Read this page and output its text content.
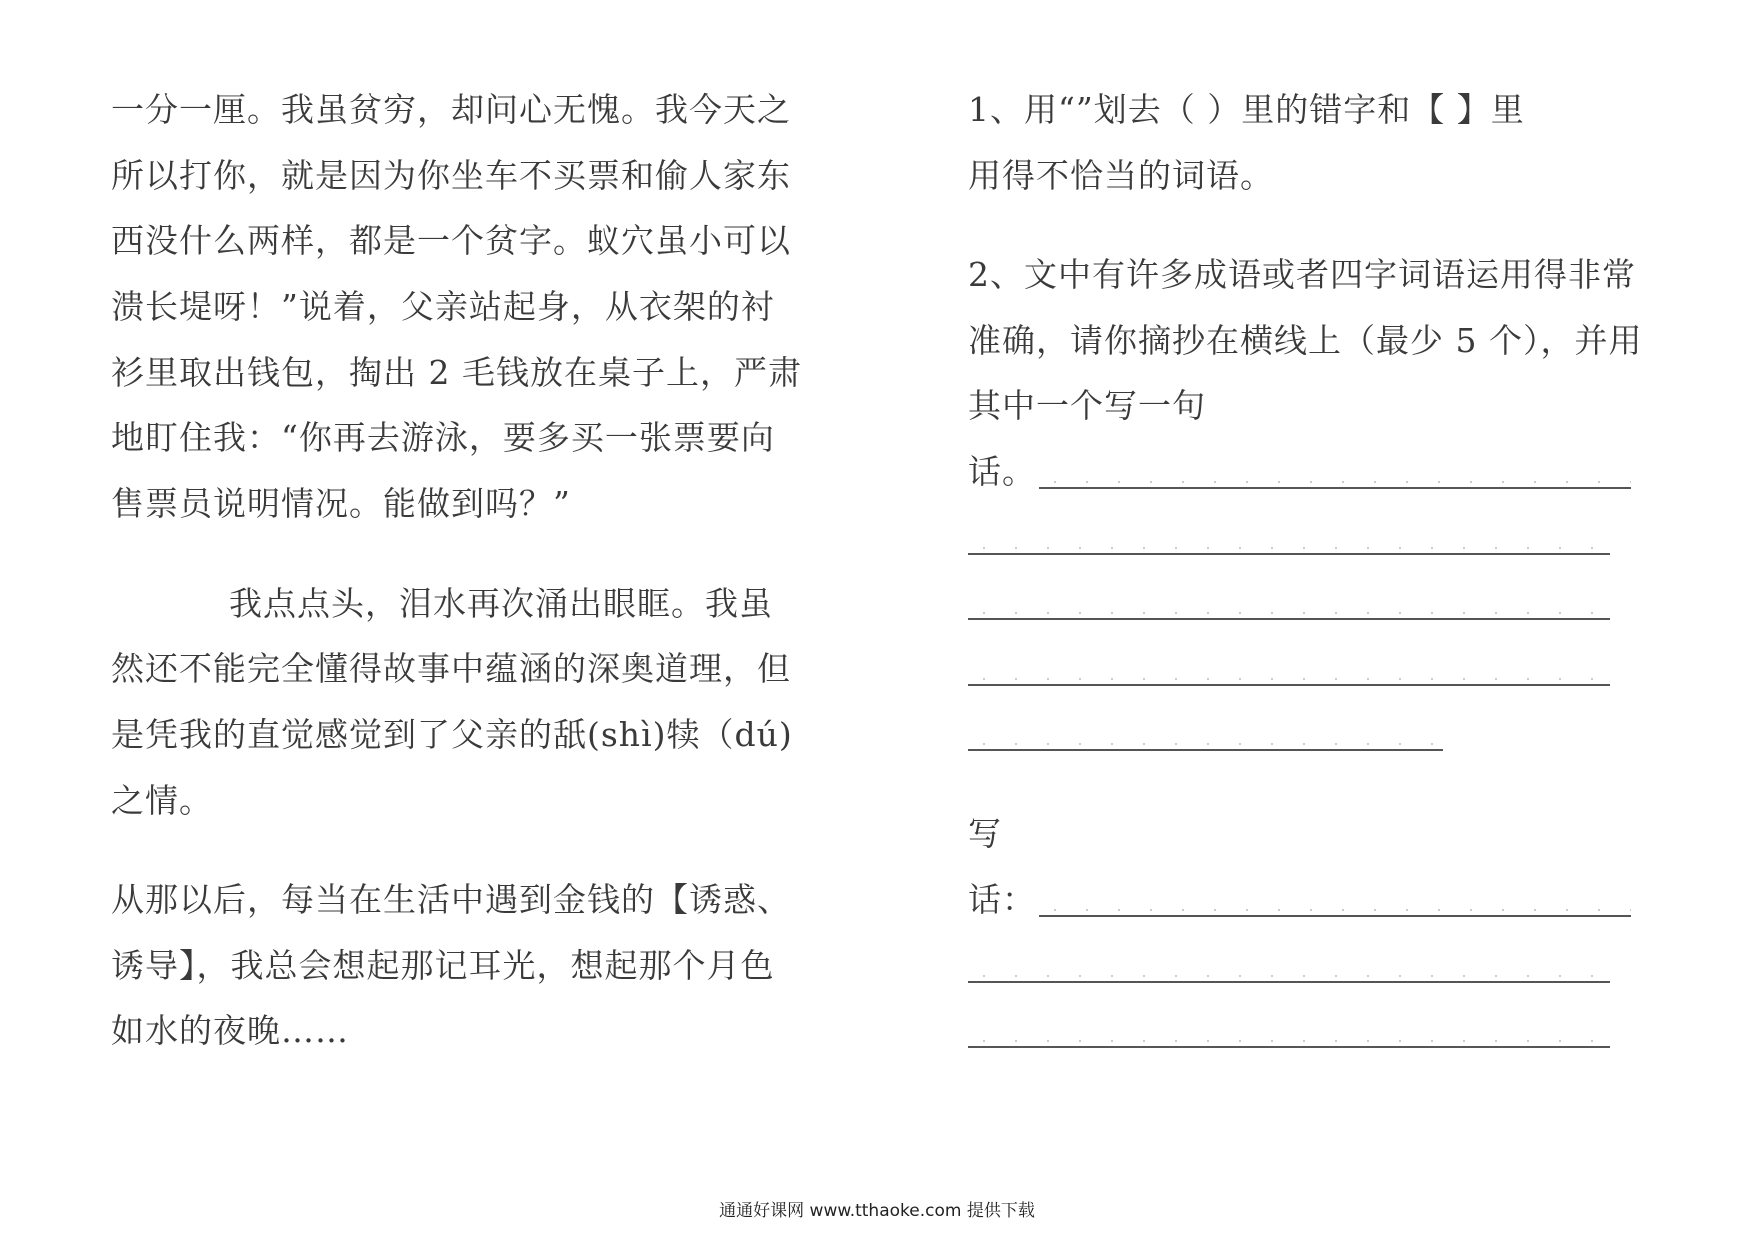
一分一厘。我虽贫穷，却问心无愧。我今天之
所以打你，就是因为你坐车不买票和偷人家东
西没什么两样，都是一个贫字。蚁穴虽小可以
溃长堤呀！”说着，父亲站起身，从衣架的衬
衫里取出钱包，掏出 2 毛钱放在桌子上，严肃
地盯住我：“你再去游泳，要多买一张票要向
售票员说明情况。能做到吗？”
我点点头，泪水再次涌出眼眶。我虽
然还不能完全懂得故事中蕴涵的深奥道理，但
是凭我的直觉感觉到了父亲的舐(shì)犊（dú)
之情。
从那以后，每当在生活中遇到金钱的【诱惑、
诱导】，我总会想起那记耳光，想起那个月色
如水的夜晚……
1、用“”划去（ ）里的错字和【 】里
用得不恰当的词语。
2、文中有许多成语或者四字词语运用得非常
准确，请你摘抄在横线上（最少 5 个），并用
其中一个写一句
话。
写
话：
通通好课网 www.tthaoke.com 提供下载
